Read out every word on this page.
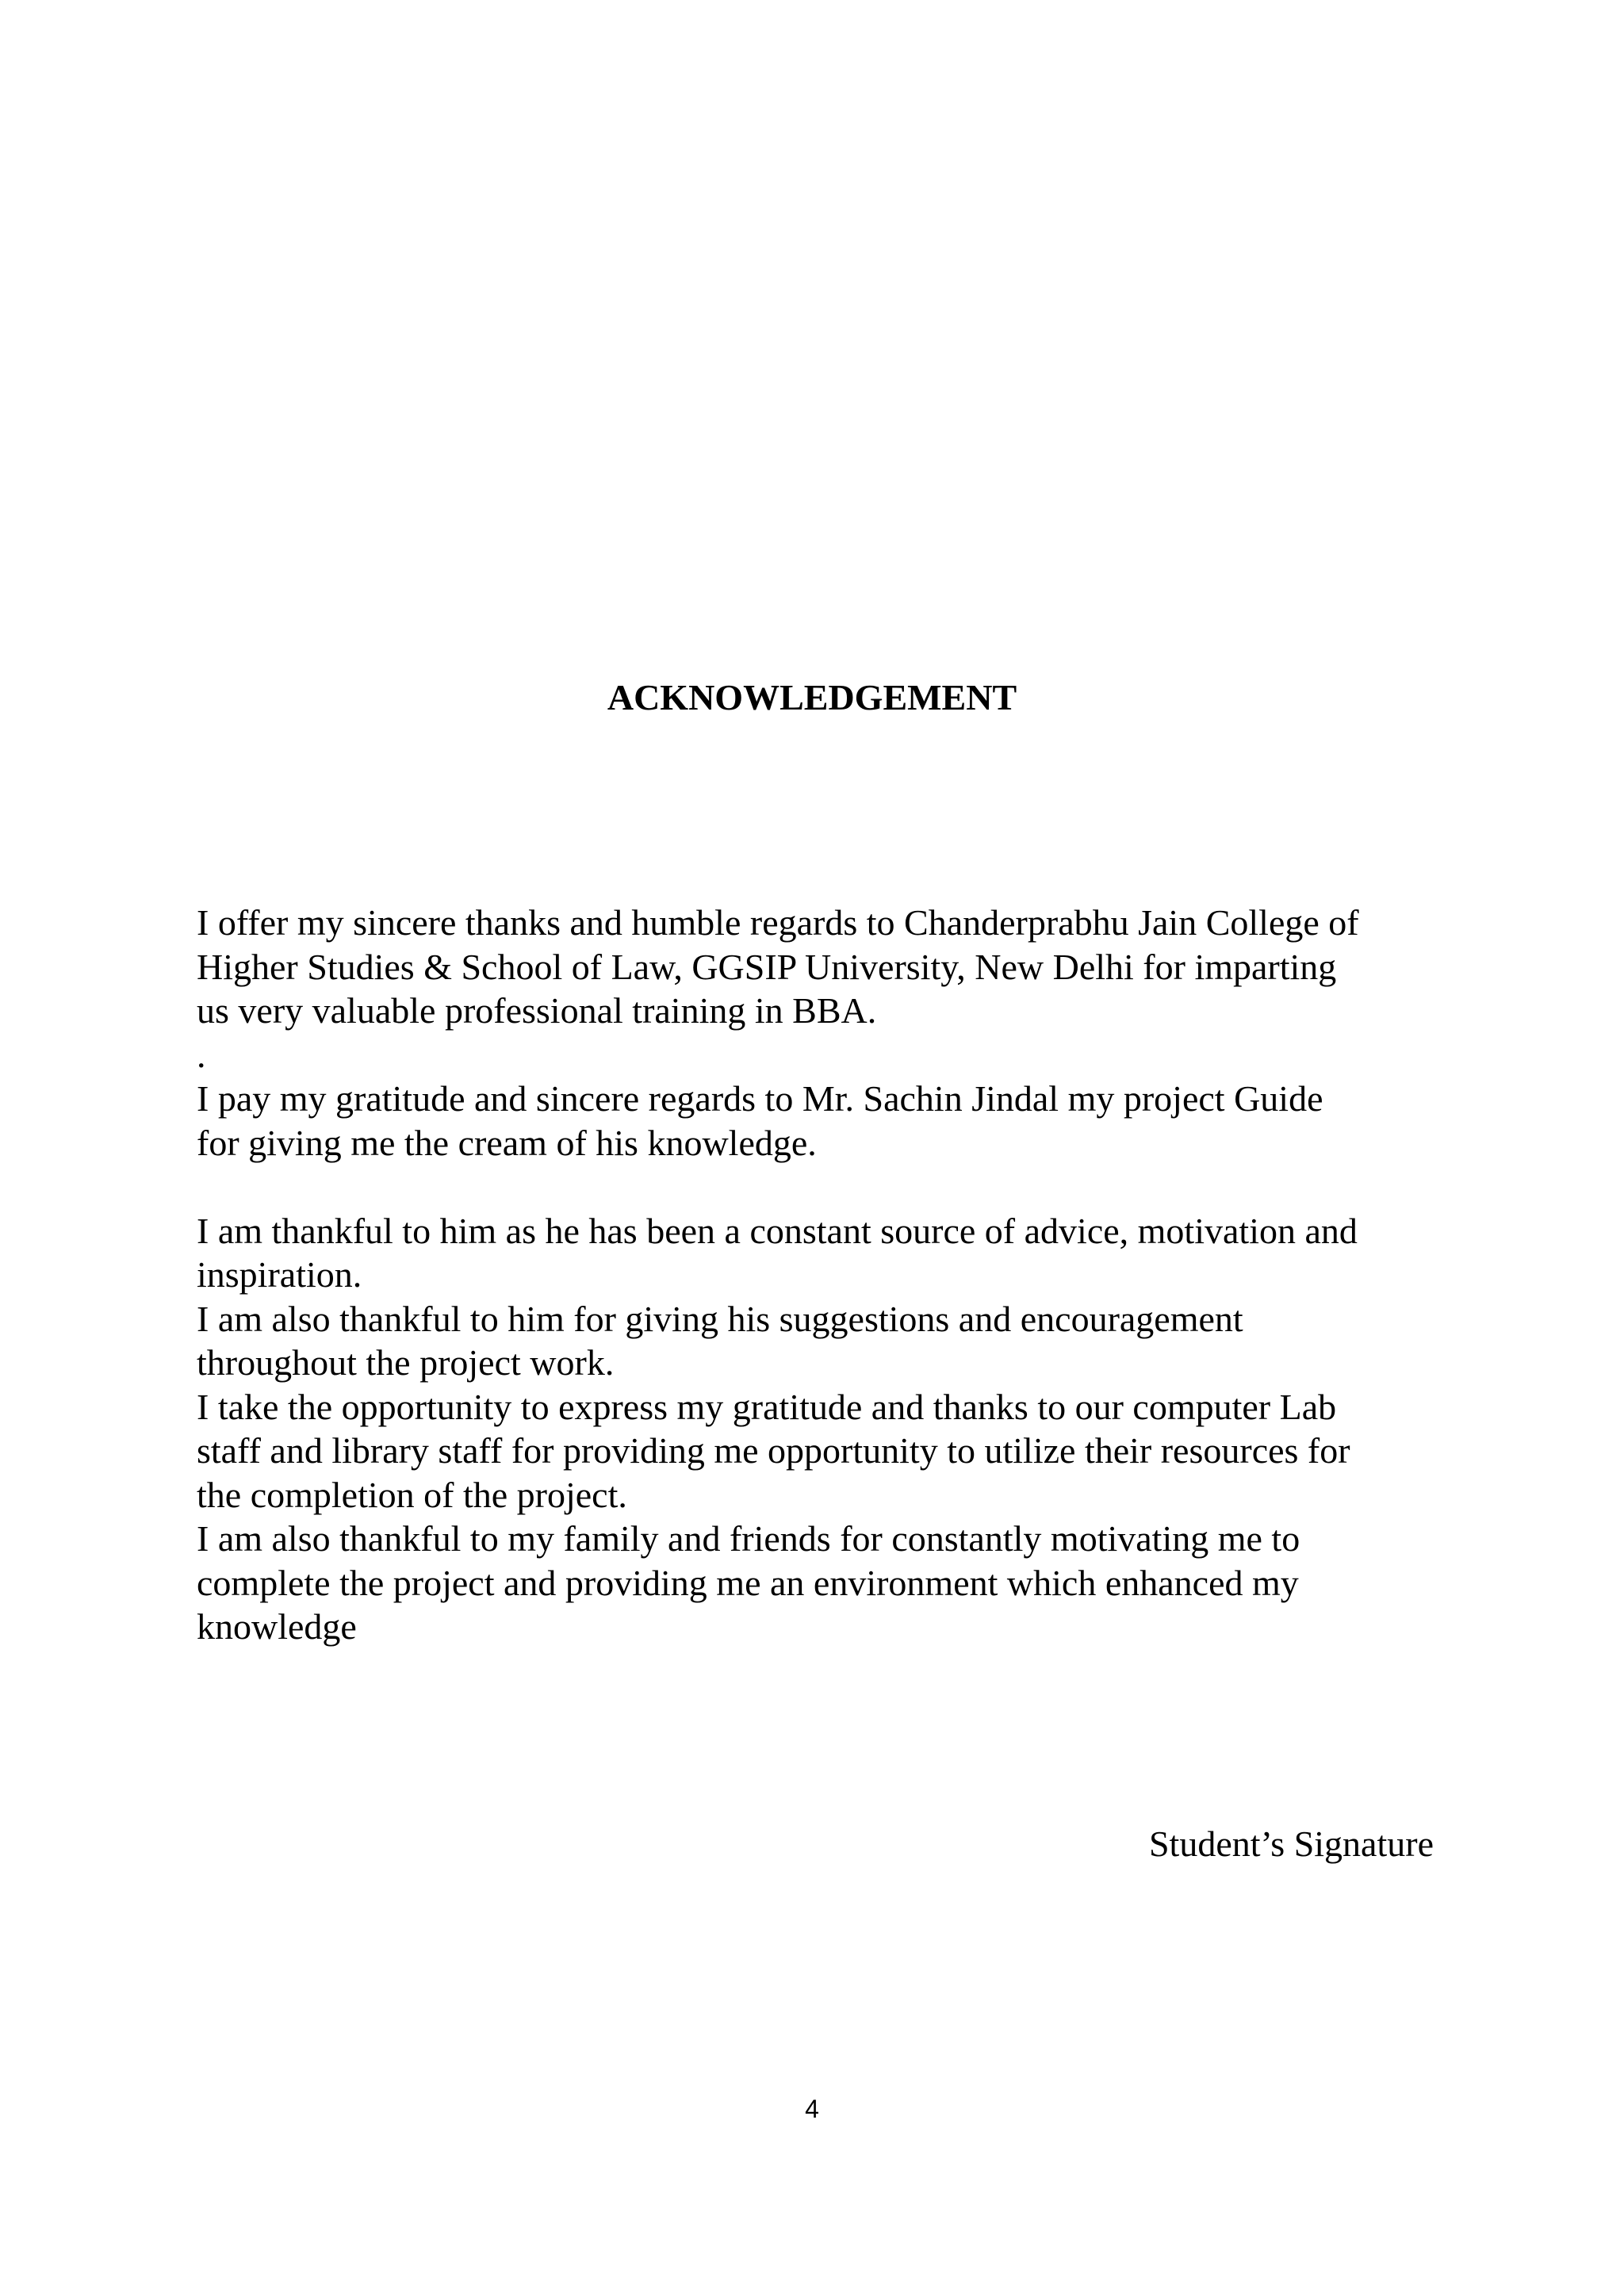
ACKNOWLEDGEMENT
I offer my sincere thanks and humble regards to Chanderprabhu Jain College of
Higher Studies & School of Law, GGSIP University, New Delhi for imparting
us very valuable professional training in BBA.
.
I pay my gratitude and sincere regards to Mr. Sachin Jindal my project Guide
for giving me the cream of his knowledge.
I am thankful to him as he has been a constant source of advice, motivation and
inspiration.
I am also thankful to him for giving his suggestions and encouragement
throughout the project work.
I take the opportunity to express my gratitude and thanks to our computer Lab
staff and library staff for providing me opportunity to utilize their resources for
the completion of the project.
I am also thankful to my family and friends for constantly motivating me to
complete the project and providing me an environment which enhanced my
knowledge
Student’s Signature
4
